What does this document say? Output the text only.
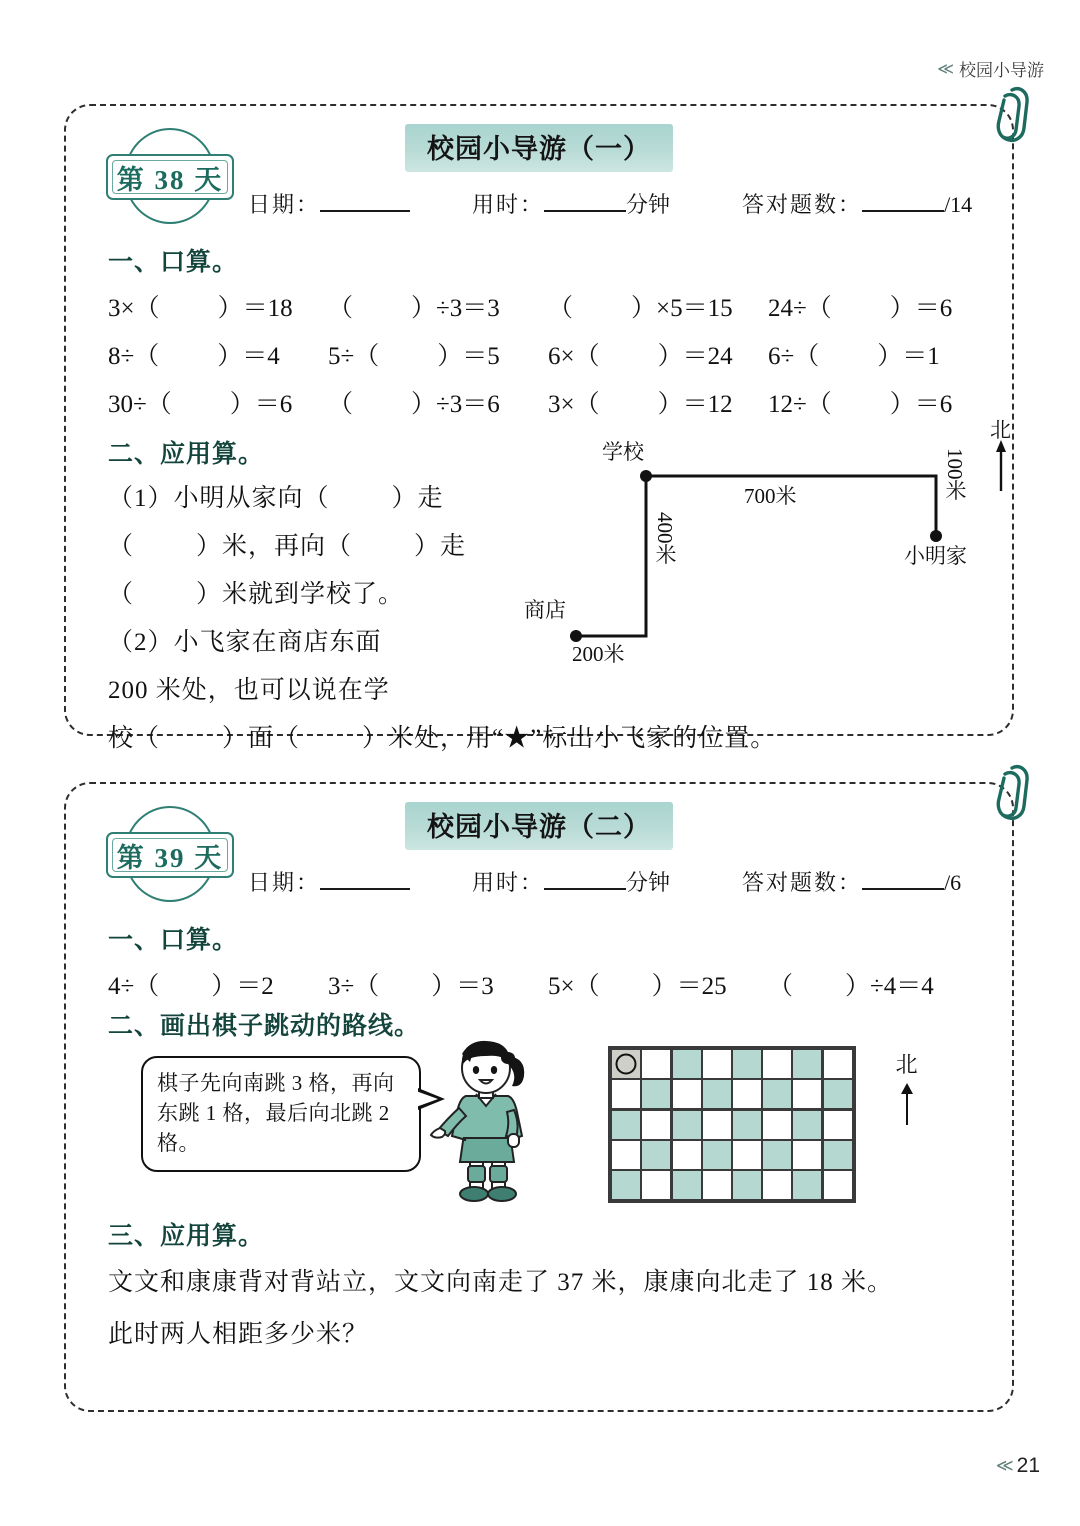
≪ 校园小导游
校园小导游（一）
第 38 天
日期：	用时：	分钟	答对题数：	/14
一、口算。
3×（ ）＝18	（ ）÷3＝3	（ ）×5＝15	24÷（ ）＝6
8÷（ ）＝4	5÷（ ）＝5	6×（ ）＝24	6÷（ ）＝1
30÷（ ）＝6	（ ）÷3＝6	3×（ ）＝12	12÷（ ）＝6
二、应用算。
（1）小明从家向（ ）走
（ ）米，再向（ ）走
（ ）米就到学校了。
（2）小飞家在商店东面
200 米处，也可以说在学
校（ ）面（ ）米处，用“★”标出小飞家的位置。
学校
商店
小明家
200米
400米
700米	100米
北
校园小导游（二）
第 39 天
日期：	用时：	分钟	答对题数：	/6
一、口算。
4÷（ ）＝2	3÷（ ）＝3	5×（ ）＝25	（ ）÷4＝4
二、画出棋子跳动的路线。
棋子先向南跳 3 格，再向东跳 1 格，最后向北跳 2 格。
北
三、应用算。
文文和康康背对背站立，文文向南走了 37 米，康康向北走了 18 米。
此时两人相距多少米？
≪ 21
